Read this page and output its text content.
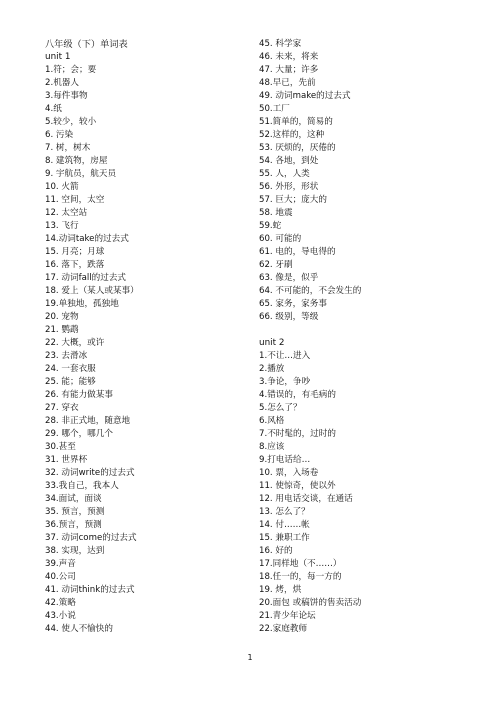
八年级（下）单词表
unit 1
1.符；会；要
2.机器人
3.每件事物
4.纸
5.较少，较小
6. 污染
7. 树，树木
8. 建筑物，房屋
9. 宇航员，航天员
10. 火箭
11. 空间，太空
12. 太空站
13. 飞行
14.动词take的过去式
15. 月亮；月球
16. 落下，跌落
17. 动词fall的过去式
18. 爱上（某人或某事）
19.单独地，孤独地
20. 宠物
21. 鹦鹉
22. 大概，或许
23. 去滑冰
24. 一套衣服
25. 能；能够
26. 有能力做某事
27. 穿衣
28. 非正式地，随意地
29. 哪个，哪几个
30.甚至
31. 世界杯
32. 动词write的过去式
33.我自己，我本人
34.面试，面谈
35. 预言，预测
36.预言，预测
37. 动词come的过去式
38. 实现，达到
39.声音
40.公司
41. 动词think的过去式
42.策略
43.小说
44. 使人不愉快的
45. 科学家
46. 未来，将来
47. 大量；许多
48.早已，先前
49. 动词make的过去式
50.工厂
51.简单的，简易的
52.这样的，这种
53. 厌烦的，厌倦的
54. 各地，到处
55. 人，人类
56. 外形，形状
57. 巨大；庞大的
58. 地震
59.蛇
60. 可能的
61. 电的，导电得的
62. 牙刷
63. 像是，似乎
64. 不可能的，不会发生的
65. 家务，家务事
66. 级别，等级
unit 2
1.不让…进入
2.播放
3.争论，争吵
4.错误的，有毛病的
5.怎么了？
6.风格
7.不时髦的，过时的
8.应该
9.打电话给…
10. 票，入场卷
11. 使惊奇，使以外
12. 用电话交谈，在通话
13. 怎么了？
14. 付……帐
15. 兼职工作
16. 好的
17.同样地（不……）
18.任一的，每一方的
19. 烤，烘
20.面包 或稿饼的售卖活动
21.青少年论坛
22.家庭教师
1
